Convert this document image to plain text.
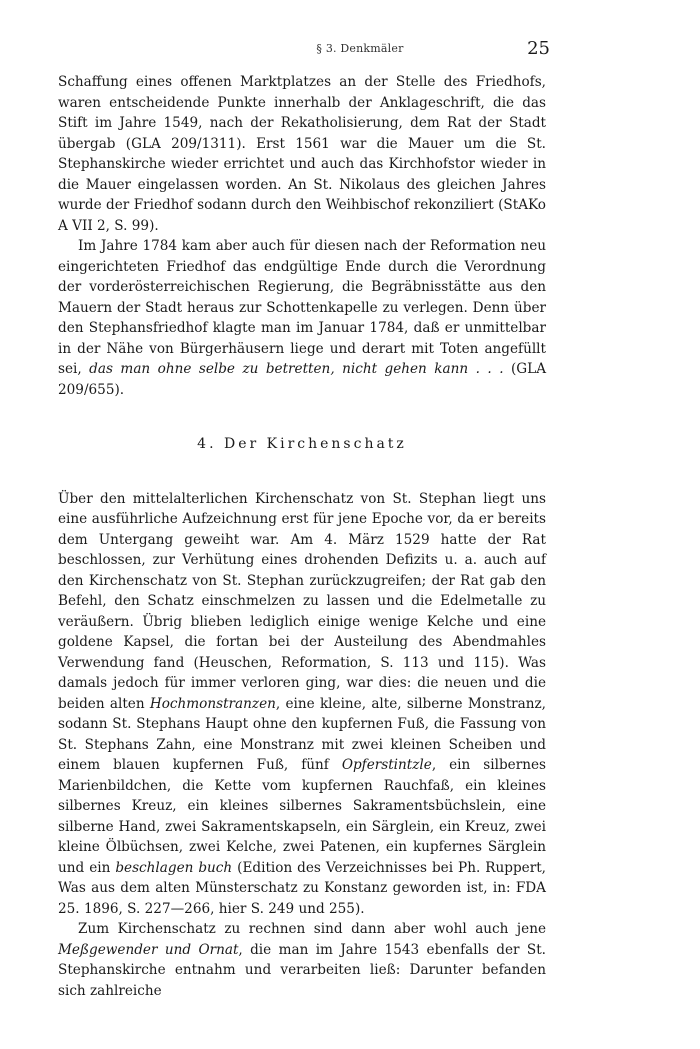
§ 3. Denkmäler	25

Schaffung eines offenen Marktplatzes an der Stelle des Friedhofs, waren entscheidende Punkte innerhalb der Anklageschrift, die das Stift im Jahre 1549, nach der Rekatholisierung, dem Rat der Stadt übergab (GLA 209/1311). Erst 1561 war die Mauer um die St. Stephanskirche wieder errichtet und auch das Kirchhofstor wieder in die Mauer eingelassen worden. An St. Nikolaus des gleichen Jahres wurde der Friedhof sodann durch den Weihbischof rekonziliert (StAKo A VII 2, S. 99).

Im Jahre 1784 kam aber auch für diesen nach der Reformation neu eingerichteten Friedhof das endgültige Ende durch die Verordnung der vorderösterreichischen Regierung, die Begräbnisstätte aus den Mauern der Stadt heraus zur Schottenkapelle zu verlegen. Denn über den Stephansfriedhof klagte man im Januar 1784, daß er unmittelbar in der Nähe von Bürgerhäusern liege und derart mit Toten angefüllt sei, das man ohne selbe zu betretten, nicht gehen kann . . . (GLA 209/655).

4. Der Kirchenschatz

Über den mittelalterlichen Kirchenschatz von St. Stephan liegt uns eine ausführliche Aufzeichnung erst für jene Epoche vor, da er bereits dem Untergang geweiht war. Am 4. März 1529 hatte der Rat beschlossen, zur Verhütung eines drohenden Defizits u. a. auch auf den Kirchenschatz von St. Stephan zurückzugreifen; der Rat gab den Befehl, den Schatz einschmelzen zu lassen und die Edelmetalle zu veräußern. Übrig blieben lediglich einige wenige Kelche und eine goldene Kapsel, die fortan bei der Austeilung des Abendmahles Verwendung fand (Heuschen, Reformation, S. 113 und 115). Was damals jedoch für immer verloren ging, war dies: die neuen und die beiden alten Hochmonstranzen, eine kleine, alte, silberne Monstranz, sodann St. Stephans Haupt ohne den kupfernen Fuß, die Fassung von St. Stephans Zahn, eine Monstranz mit zwei kleinen Scheiben und einem blauen kupfernen Fuß, fünf Opferstintzle, ein silbernes Marienbildchen, die Kette vom kupfernen Rauchfaß, ein kleines silbernes Kreuz, ein kleines silbernes Sakramentsbüchslein, eine silberne Hand, zwei Sakramentskapseln, ein Särglein, ein Kreuz, zwei kleine Ölbüchsen, zwei Kelche, zwei Patenen, ein kupfernes Särglein und ein beschlagen buch (Edition des Verzeichnisses bei Ph. Ruppert, Was aus dem alten Münsterschatz zu Konstanz geworden ist, in: FDA 25. 1896, S. 227—266, hier S. 249 und 255).

Zum Kirchenschatz zu rechnen sind dann aber wohl auch jene Meßgewender und Ornat, die man im Jahre 1543 ebenfalls der St. Stephanskirche entnahm und verarbeiten ließ: Darunter befanden sich zahlreiche
